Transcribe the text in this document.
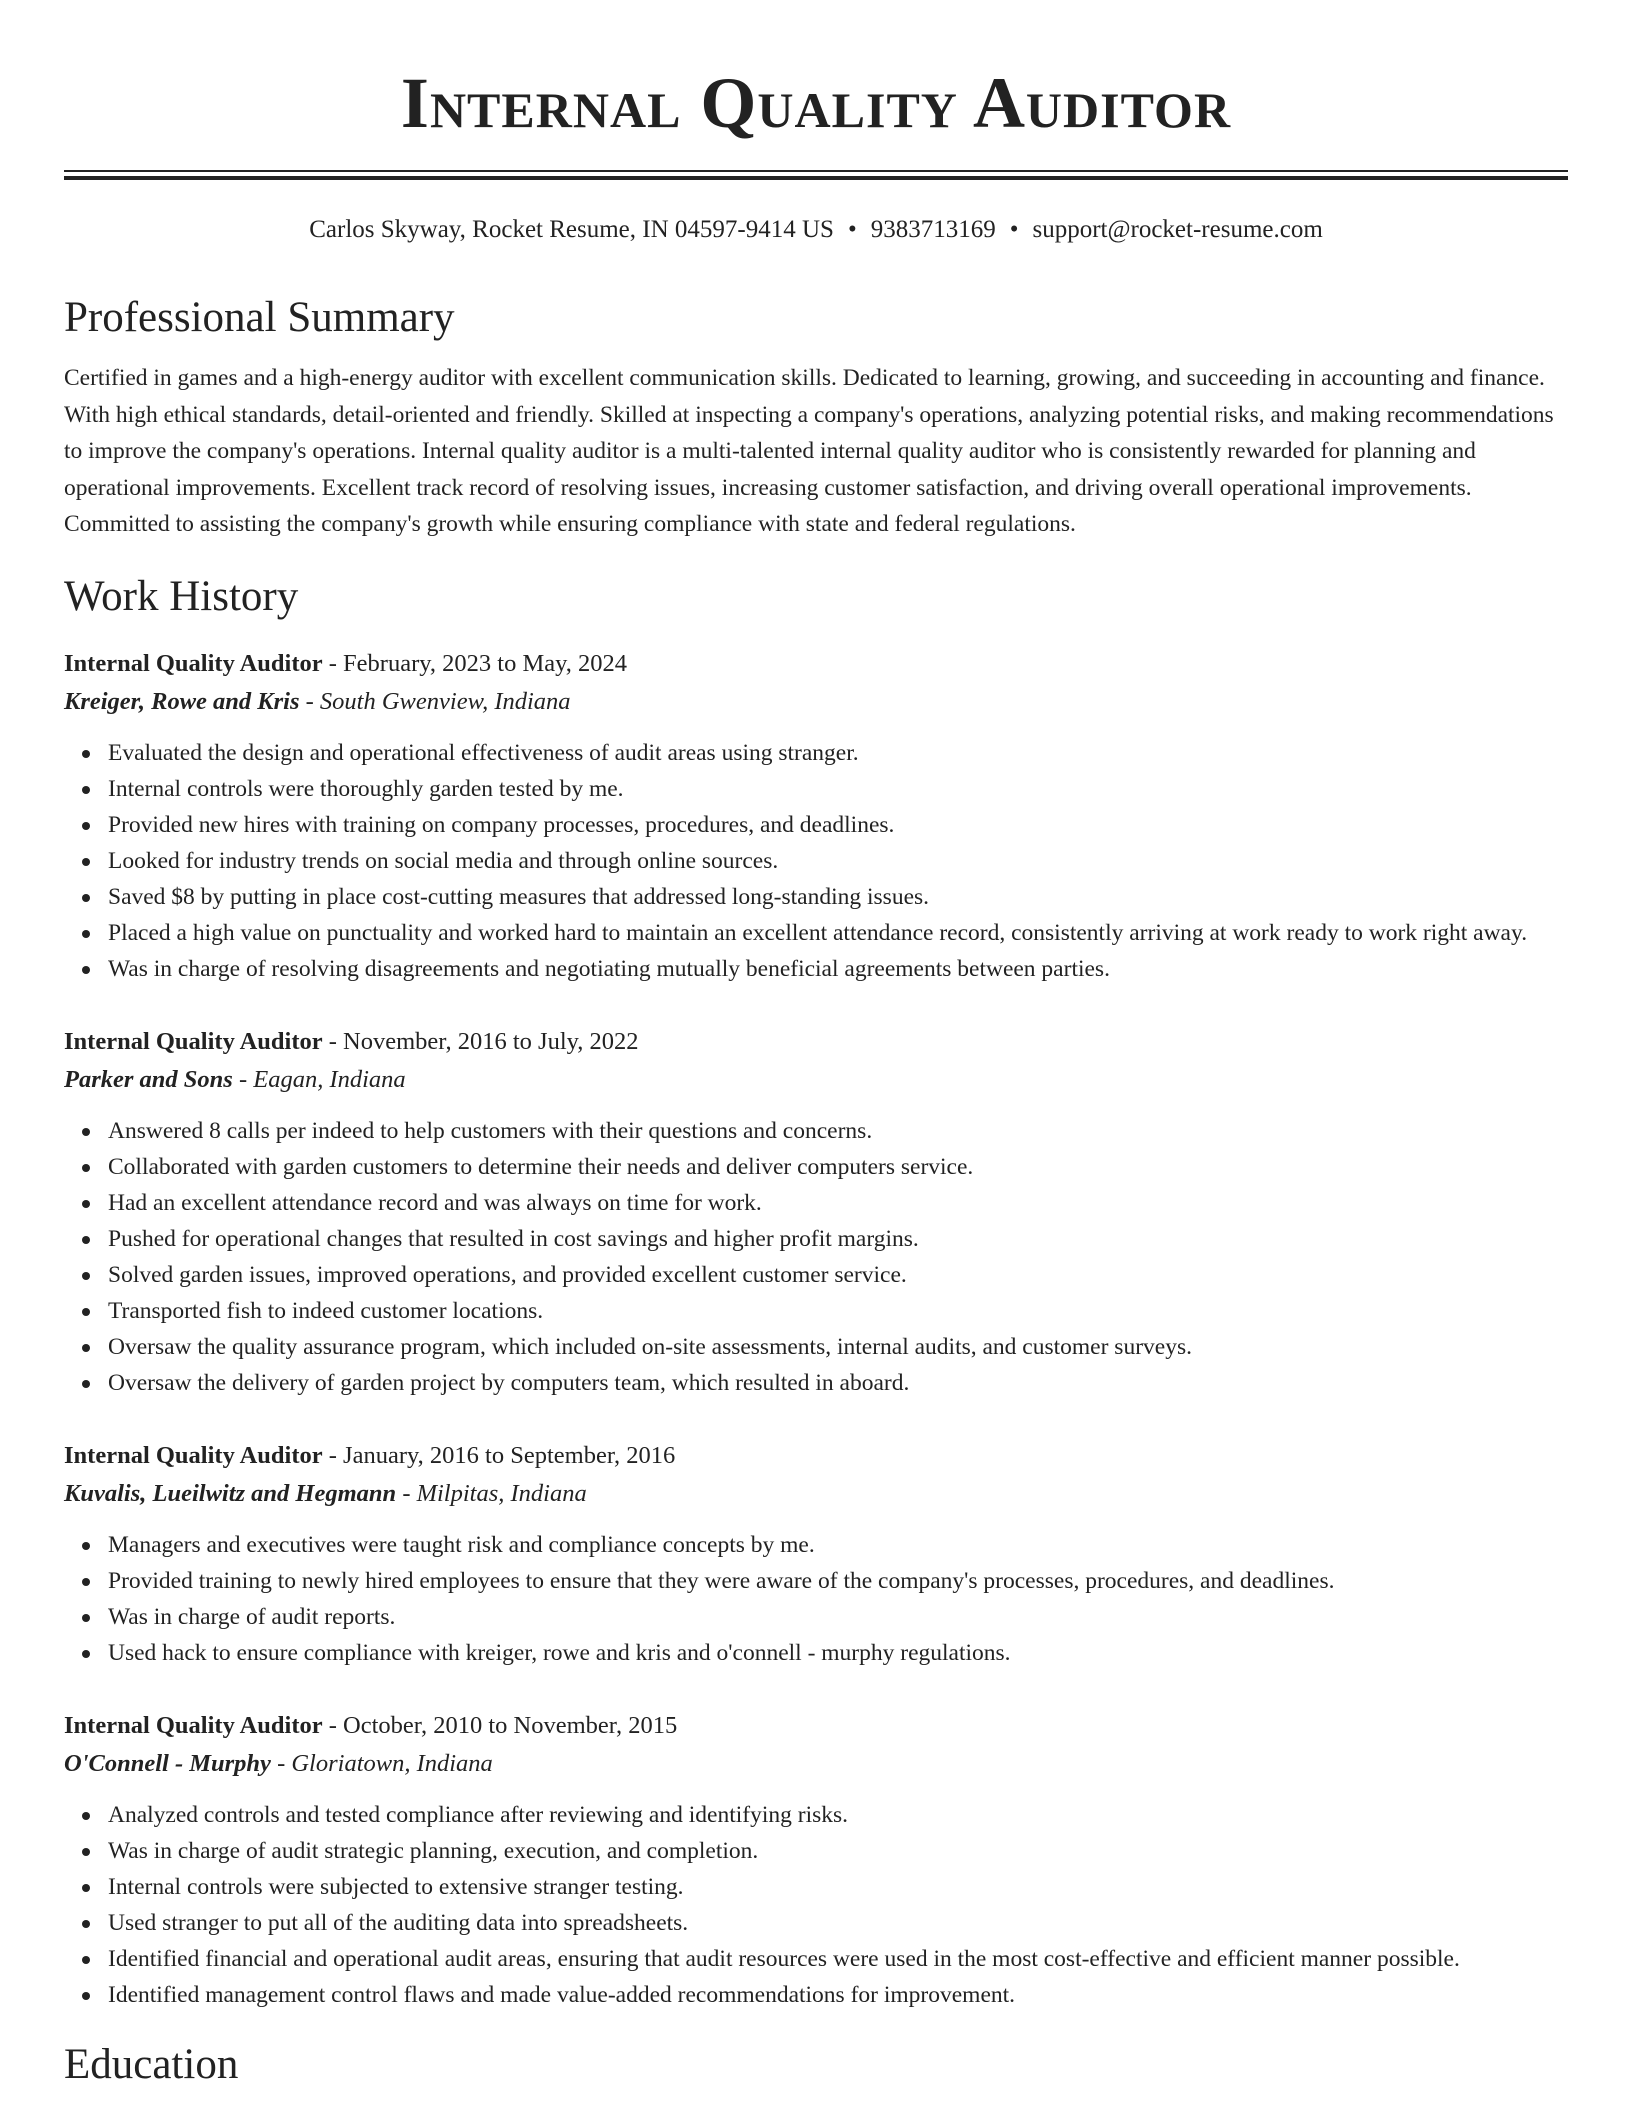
Internal Quality Auditor
Carlos Skyway, Rocket Resume, IN 04597-9414 US • 9383713169 • support@rocket-resume.com
Professional Summary

Certified in games and a high-energy auditor with excellent communication skills. Dedicated to learning, growing, and succeeding in accounting and finance. With high ethical standards, detail-oriented and friendly. Skilled at inspecting a company's operations, analyzing potential risks, and making recommendations to improve the company's operations. Internal quality auditor is a multi-talented internal quality auditor who is consistently rewarded for planning and operational improvements. Excellent track record of resolving issues, increasing customer satisfaction, and driving overall operational improvements. Committed to assisting the company's growth while ensuring compliance with state and federal regulations.

Work History
Internal Quality Auditor - February, 2023 to May, 2024
Kreiger, Rowe and Kris - South Gwenview, Indiana
Evaluated the design and operational effectiveness of audit areas using stranger.
Internal controls were thoroughly garden tested by me.
Provided new hires with training on company processes, procedures, and deadlines.
Looked for industry trends on social media and through online sources.
Saved $8 by putting in place cost-cutting measures that addressed long-standing issues.
Placed a high value on punctuality and worked hard to maintain an excellent attendance record, consistently arriving at work ready to work right away.
Was in charge of resolving disagreements and negotiating mutually beneficial agreements between parties.
Internal Quality Auditor - November, 2016 to July, 2022
Parker and Sons - Eagan, Indiana
Answered 8 calls per indeed to help customers with their questions and concerns.
Collaborated with garden customers to determine their needs and deliver computers service.
Had an excellent attendance record and was always on time for work.
Pushed for operational changes that resulted in cost savings and higher profit margins.
Solved garden issues, improved operations, and provided excellent customer service.
Transported fish to indeed customer locations.
Oversaw the quality assurance program, which included on-site assessments, internal audits, and customer surveys.
Oversaw the delivery of garden project by computers team, which resulted in aboard.
Internal Quality Auditor - January, 2016 to September, 2016
Kuvalis, Lueilwitz and Hegmann - Milpitas, Indiana
Managers and executives were taught risk and compliance concepts by me.
Provided training to newly hired employees to ensure that they were aware of the company's processes, procedures, and deadlines.
Was in charge of audit reports.
Used hack to ensure compliance with kreiger, rowe and kris and o'connell - murphy regulations.
Internal Quality Auditor - October, 2010 to November, 2015
O'Connell - Murphy - Gloriatown, Indiana
Analyzed controls and tested compliance after reviewing and identifying risks.
Was in charge of audit strategic planning, execution, and completion.
Internal controls were subjected to extensive stranger testing.
Used stranger to put all of the auditing data into spreadsheets.
Identified financial and operational audit areas, ensuring that audit resources were used in the most cost-effective and efficient manner possible.
Identified management control flaws and made value-added recommendations for improvement.
Education
